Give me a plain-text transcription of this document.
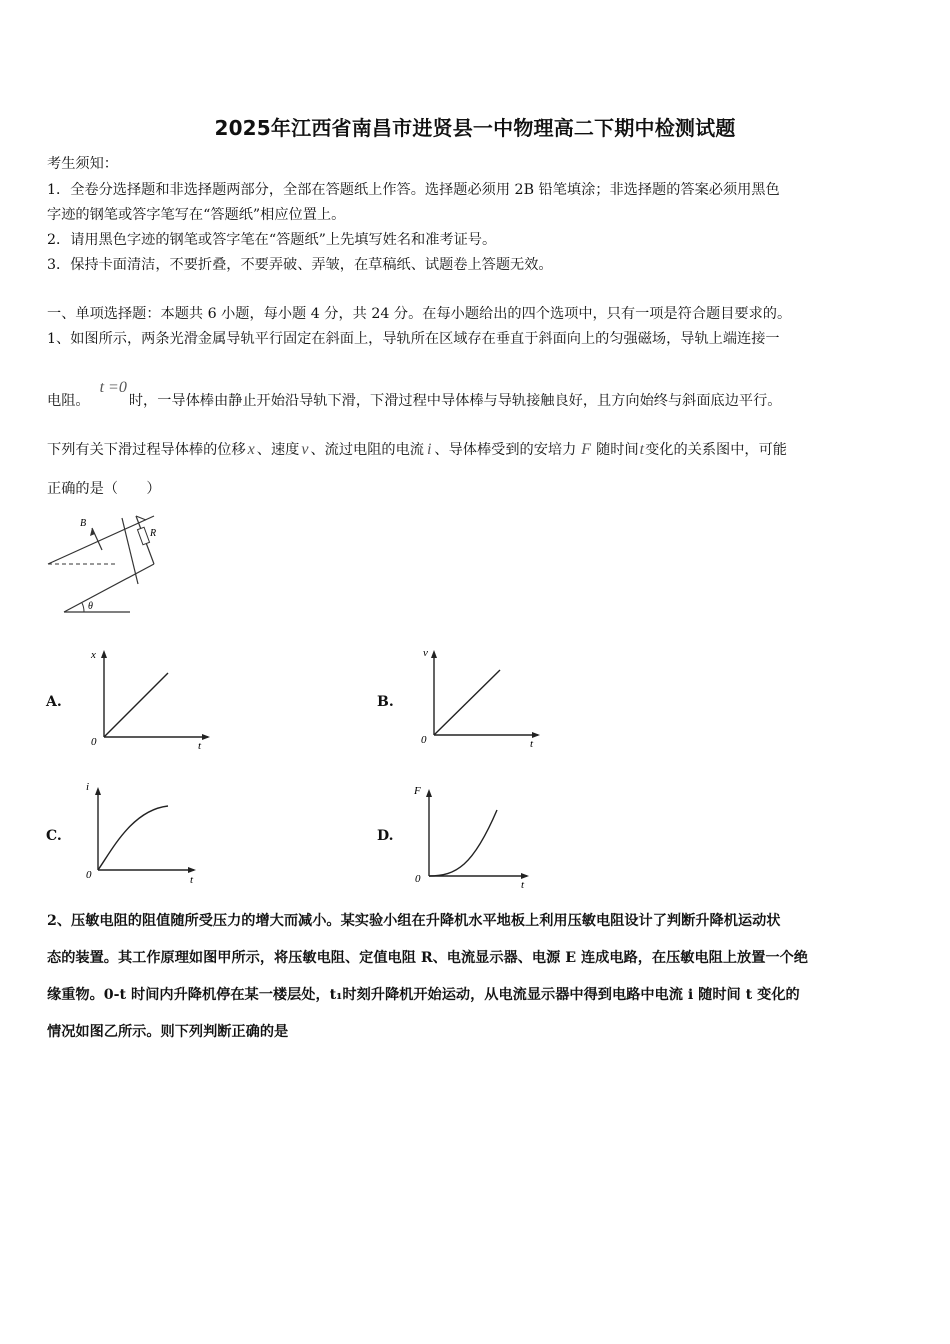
2025年江西省南昌市进贤县一中物理高二下期中检测试题
考生须知：
1．全卷分选择题和非选择题两部分，全部在答题纸上作答。选择题必须用 2B 铅笔填涂；非选择题的答案必须用黑色
字迹的钢笔或答字笔写在“答题纸”相应位置上。
2．请用黑色字迹的钢笔或答字笔在“答题纸”上先填写姓名和准考证号。
3．保持卡面清洁，不要折叠，不要弄破、弄皱，在草稿纸、试题卷上答题无效。
一、单项选择题：本题共 6 小题，每小题 4 分，共 24 分。在每小题给出的四个选项中，只有一项是符合题目要求的。
1、如图所示，两条光滑金属导轨平行固定在斜面上，导轨所在区域存在垂直于斜面向上的匀强磁场，导轨上端连接一
电阻。t =0时，一导体棒由静止开始沿导轨下滑，下滑过程中导体棒与导轨接触良好，且方向始终与斜面底边平行。
下列有关下滑过程导体棒的位移 x 、速度 v 、流过电阻的电流 i 、导体棒受到的安培力 F 随时间t变化的关系图中，可能
正确的是（　　）
B
R
θ
A.
x
t
0
B.
v
t
0
C.
i
t
0
D.
F
t
0
2、压敏电阻的阻值随所受压力的增大而减小。某实验小组在升降机水平地板上利用压敏电阻设计了判断升降机运动状
态的装置。其工作原理如图甲所示，将压敏电阻、定值电阻 R、电流显示器、电源 E 连成电路，在压敏电阻上放置一个绝
缘重物。0-t 时间内升降机停在某一楼层处，t₁时刻升降机开始运动，从电流显示器中得到电路中电流 i 随时间 t 变化的
情况如图乙所示。则下列判断正确的是
